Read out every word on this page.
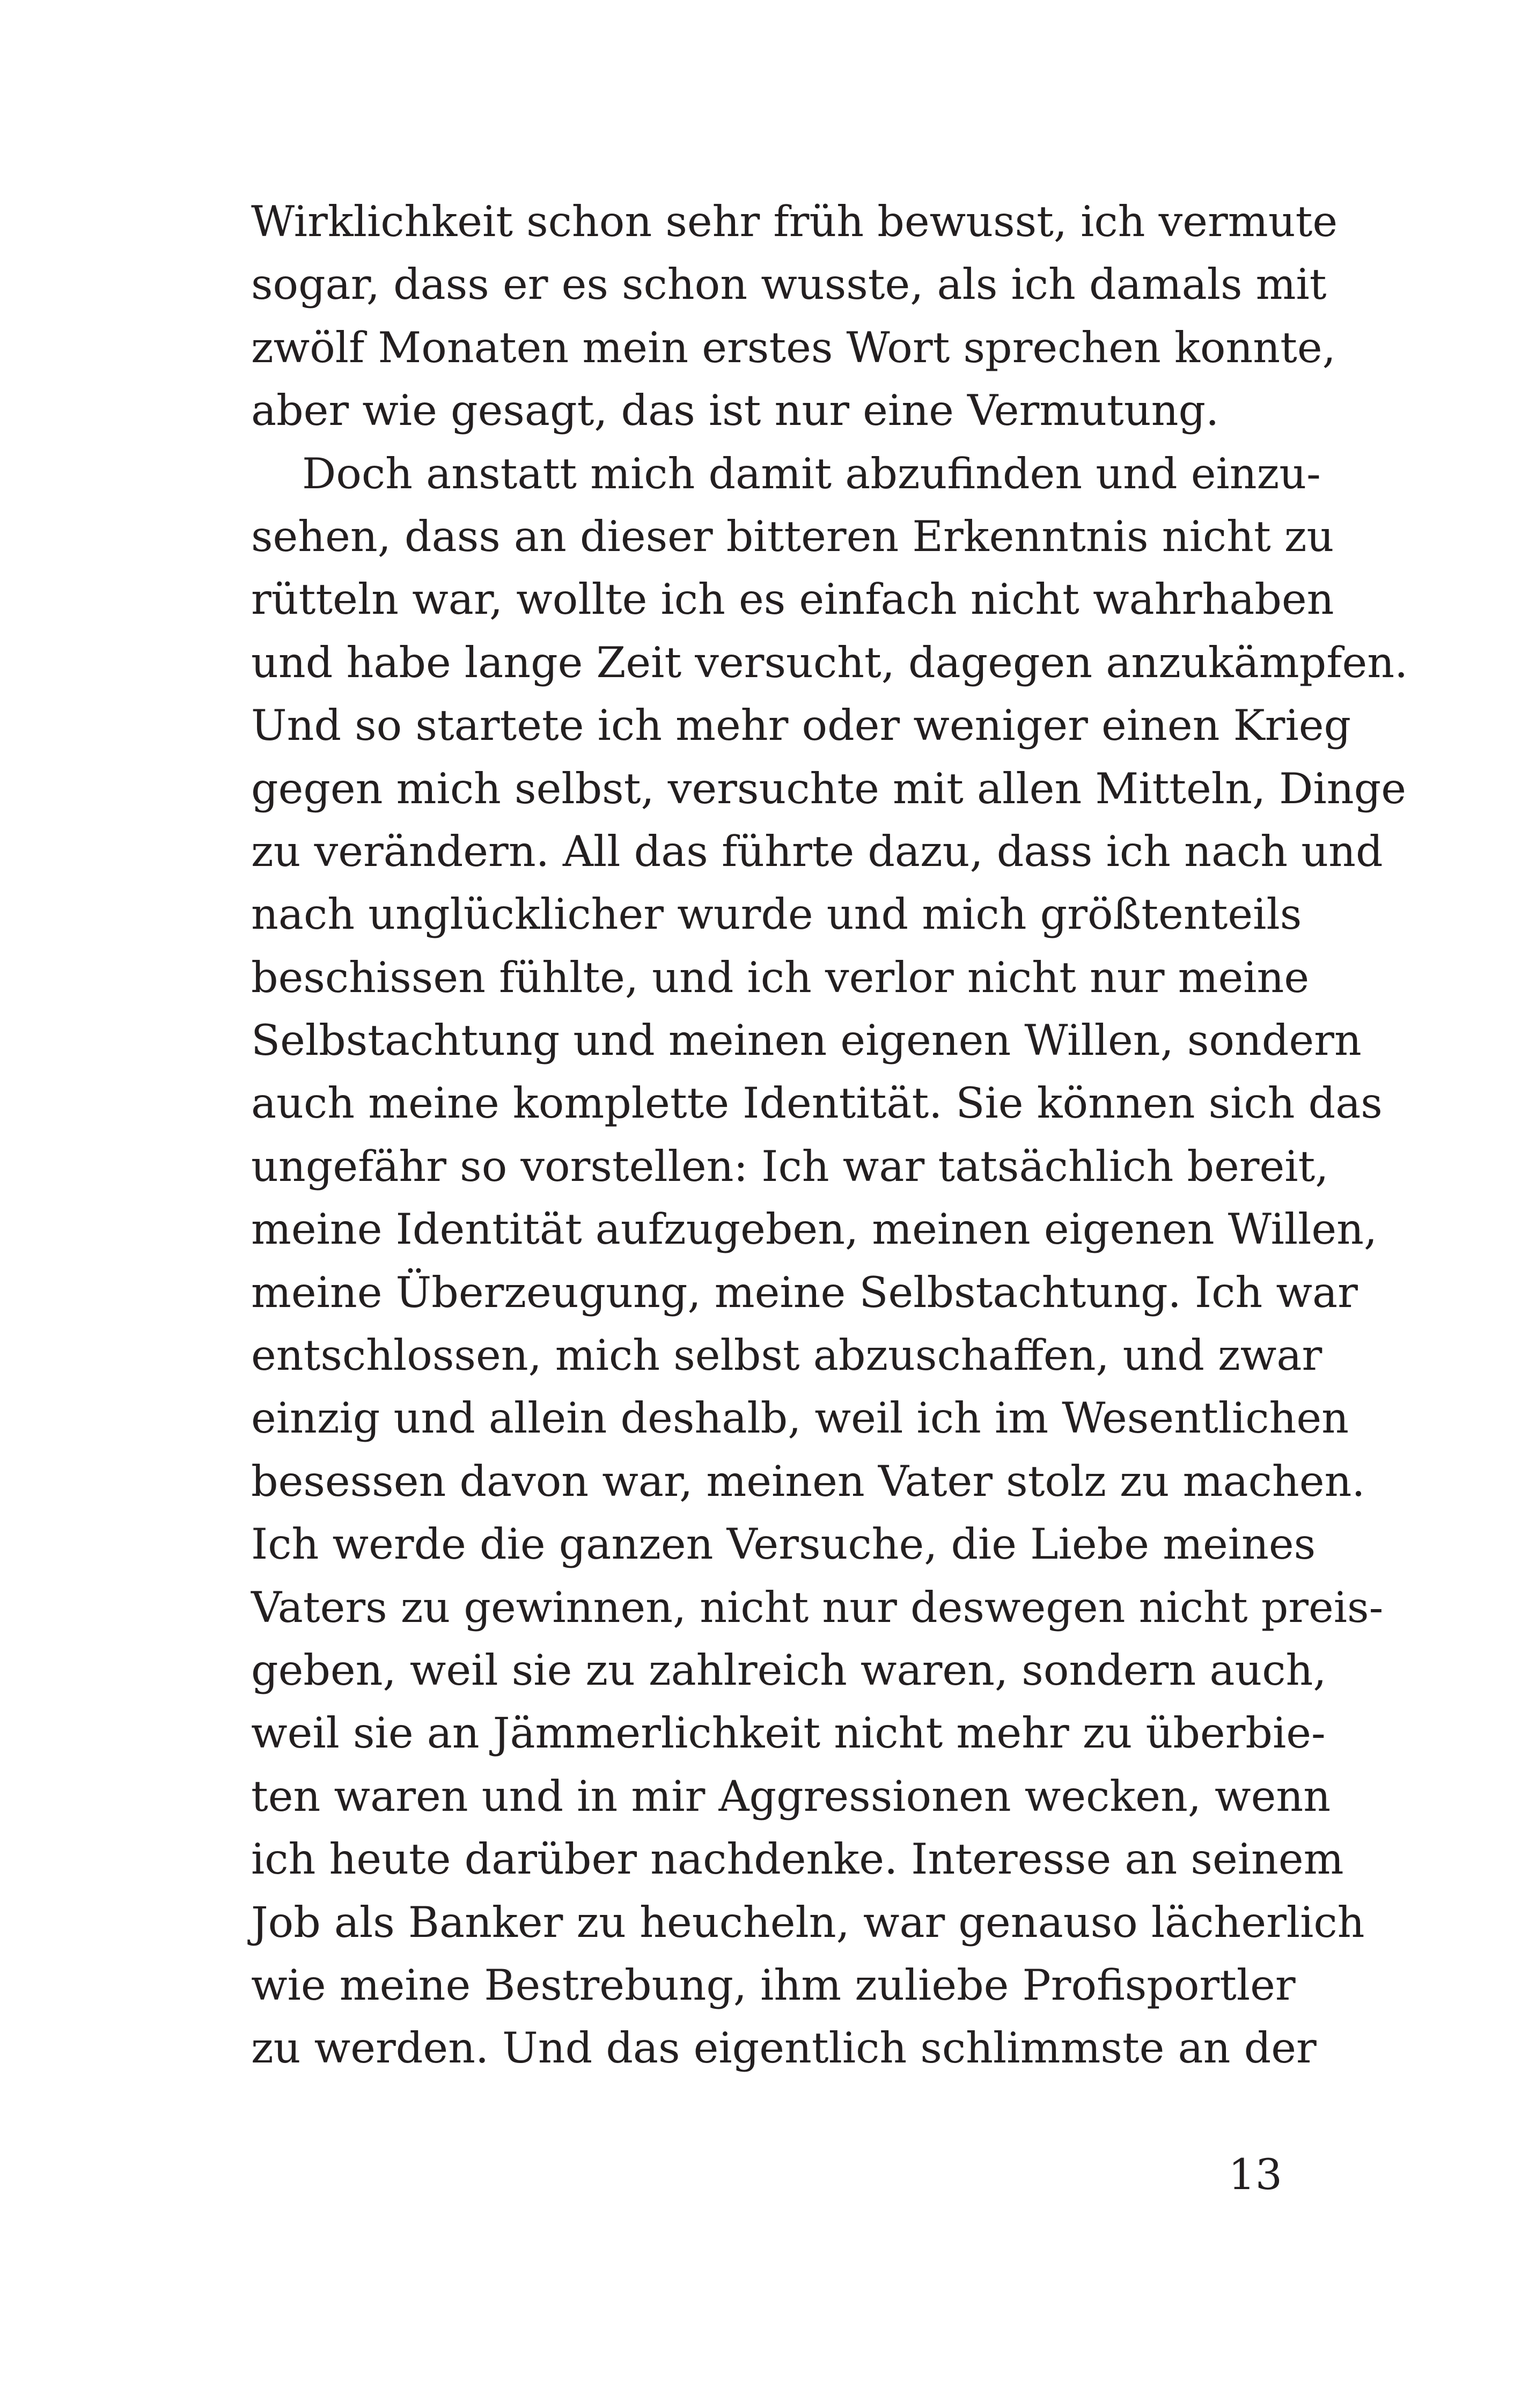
Wirklichkeit schon sehr früh bewusst, ich vermute
sogar, dass er es schon wusste, als ich damals mit
zwölf Monaten mein erstes Wort sprechen konnte,
aber wie gesagt, das ist nur eine Vermutung.
Doch anstatt mich damit abzufinden und einzu-
sehen, dass an dieser bitteren Erkenntnis nicht zu
rütteln war, wollte ich es einfach nicht wahrhaben
und habe lange Zeit versucht, dagegen anzukämpfen.
Und so startete ich mehr oder weniger einen Krieg
gegen mich selbst, versuchte mit allen Mitteln, Dinge
zu verändern. All das führte dazu, dass ich nach und
nach unglücklicher wurde und mich größtenteils
beschissen fühlte, und ich verlor nicht nur meine
Selbstachtung und meinen eigenen Willen, sondern
auch meine komplette Identität. Sie können sich das
ungefähr so vorstellen: Ich war tatsächlich bereit,
meine Identität aufzugeben, meinen eigenen Willen,
meine Überzeugung, meine Selbstachtung. Ich war
entschlossen, mich selbst abzuschaffen, und zwar
einzig und allein deshalb, weil ich im Wesentlichen
besessen davon war, meinen Vater stolz zu machen.
Ich werde die ganzen Versuche, die Liebe meines
Vaters zu gewinnen, nicht nur deswegen nicht preis-
geben, weil sie zu zahlreich waren, sondern auch,
weil sie an Jämmerlichkeit nicht mehr zu überbie-
ten waren und in mir Aggressionen wecken, wenn
ich heute darüber nachdenke. Interesse an seinem
Job als Banker zu heucheln, war genauso lächerlich
wie meine Bestrebung, ihm zuliebe Profisportler
zu werden. Und das eigentlich schlimmste an der
13
